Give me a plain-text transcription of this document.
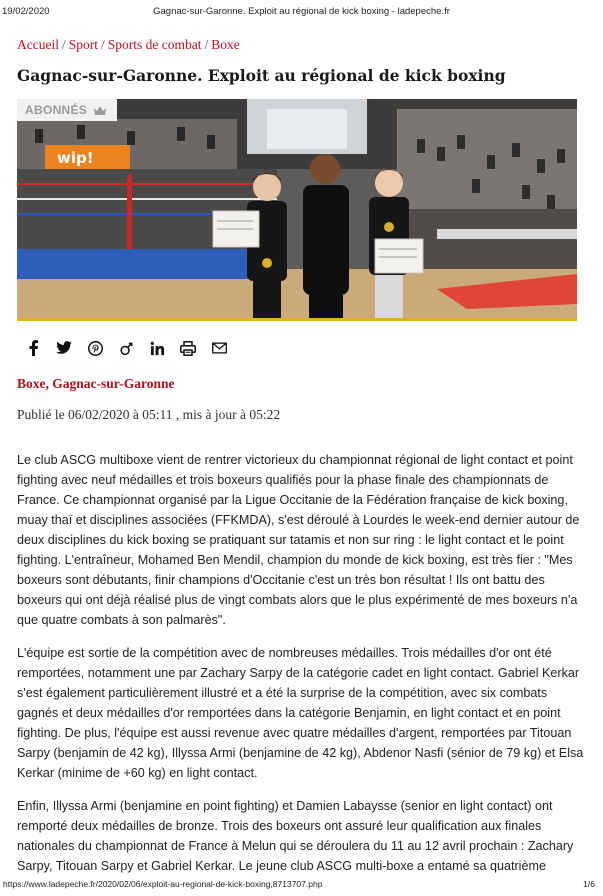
19/02/2020	Gagnac-sur-Garonne. Exploit au régional de kick boxing - ladepeche.fr
Accueil / Sport / Sports de combat / Boxe
Gagnac-sur-Garonne. Exploit au régional de kick boxing
wip!
ABONNÉS
Boxe, Gagnac-sur-Garonne
Publié le 06/02/2020 à 05:11 , mis à jour à 05:22

Le club ASCG multiboxe vient de rentrer victorieux du championnat régional de light contact et point fighting avec neuf médailles et trois boxeurs qualifiés pour la phase finale des championnats de France. Ce championnat organisé par la Ligue Occitanie de la Fédération française de kick boxing, muay thaï et disciplines associées (FFKMDA), s'est déroulé à Lourdes le week-end dernier autour de deux disciplines du kick boxing se pratiquant sur tatamis et non sur ring : le light contact et le point fighting. L'entraîneur, Mohamed Ben Mendil, champion du monde de kick boxing, est très fier : "Mes boxeurs sont débutants, finir champions d'Occitanie c'est un très bon résultat ! Ils ont battu des boxeurs qui ont déjà réalisé plus de vingt combats alors que le plus expérimenté de mes boxeurs n'a que quatre combats à son palmarès".

L'équipe est sortie de la compétition avec de nombreuses médailles. Trois médailles d'or ont été remportées, notamment une par Zachary Sarpy de la catégorie cadet en light contact. Gabriel Kerkar s'est également particulièrement illustré et a été la surprise de la compétition, avec six combats gagnés et deux médailles d'or remportées dans la catégorie Benjamin, en light contact et en point fighting. De plus, l'équipe est aussi revenue avec quatre médailles d'argent, remportées par Titouan Sarpy (benjamin de 42 kg), Illyssa Armi (benjamine de 42 kg), Abdenor Nasfi (sénior de 79 kg) et Elsa Kerkar (minime de +60 kg) en light contact.

Enfin, Illyssa Armi (benjamine en point fighting) et Damien Labaysse (senior en light contact) ont remporté deux médailles de bronze. Trois des boxeurs ont assuré leur qualification aux finales nationales du championnat de France à Melun qui se déroulera du 11 au 12 avril prochain : Zachary Sarpy, Titouan Sarpy et Gabriel Kerkar. Le jeune club ASCG multi-boxe a entamé sa quatrième

https://www.ladepeche.fr/2020/02/06/exploit-au-regional-de-kick-boxing,8713707.php	1/6
